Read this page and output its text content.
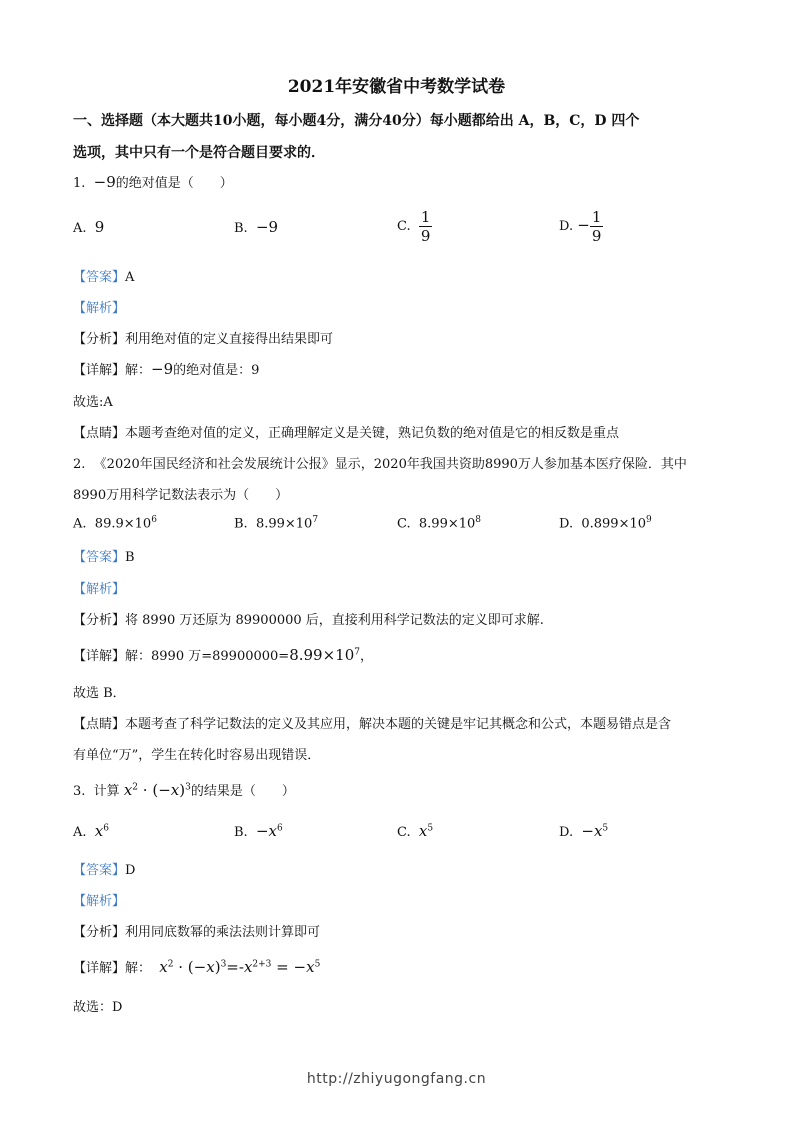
2021年安徽省中考数学试卷
一、选择题（本大题共10小题，每小题4分，满分40分）每小题都给出 A，B，C，D 四个
选项，其中只有一个是符合题目要求的．
1. −9的绝对值是（　　）
A. 9	B. −9	C. $\frac{1}{9}$	D. − $\frac{1}{9}$
【答案】A
【解析】
【分析】利用绝对值的定义直接得出结果即可
【详解】解：−9的绝对值是：9
故选:A
【点睛】本题考查绝对值的定义，正确理解定义是关键，熟记负数的绝对值是它的相反数是重点
2. 《2020年国民经济和社会发展统计公报》显示，2020年我国共资助8990万人参加基本医疗保险．其中
8990万用科学记数法表示为（　　）
A. $89.9\times 10^6$	B. $8.99\times 10^7$	C. $8.99\times 10^8$	D. $0.899\times 10^9$
【答案】B
【解析】
【分析】将 8990 万还原为 89900000 后，直接利用科学记数法的定义即可求解.
【详解】解：8990 万$=89900000=8.99\times 10^7$，
故选 B．
【点睛】本题考查了科学记数法的定义及其应用，解决本题的关键是牢记其概念和公式，本题易错点是含
有单位“万”，学生在转化时容易出现错误．
3. 计算 $x^2 \cdot (-x)^3$的结果是（　　）
A. $x^6$	B. $-x^6$	C. $x^5$	D. $-x^5$
【答案】D
【解析】
【分析】利用同底数幂的乘法法则计算即可
【详解】解： $x^2 \cdot (-x)^3=-x^{2+3} = -x^5$
故选：D
http://zhiyugongfang.cn
